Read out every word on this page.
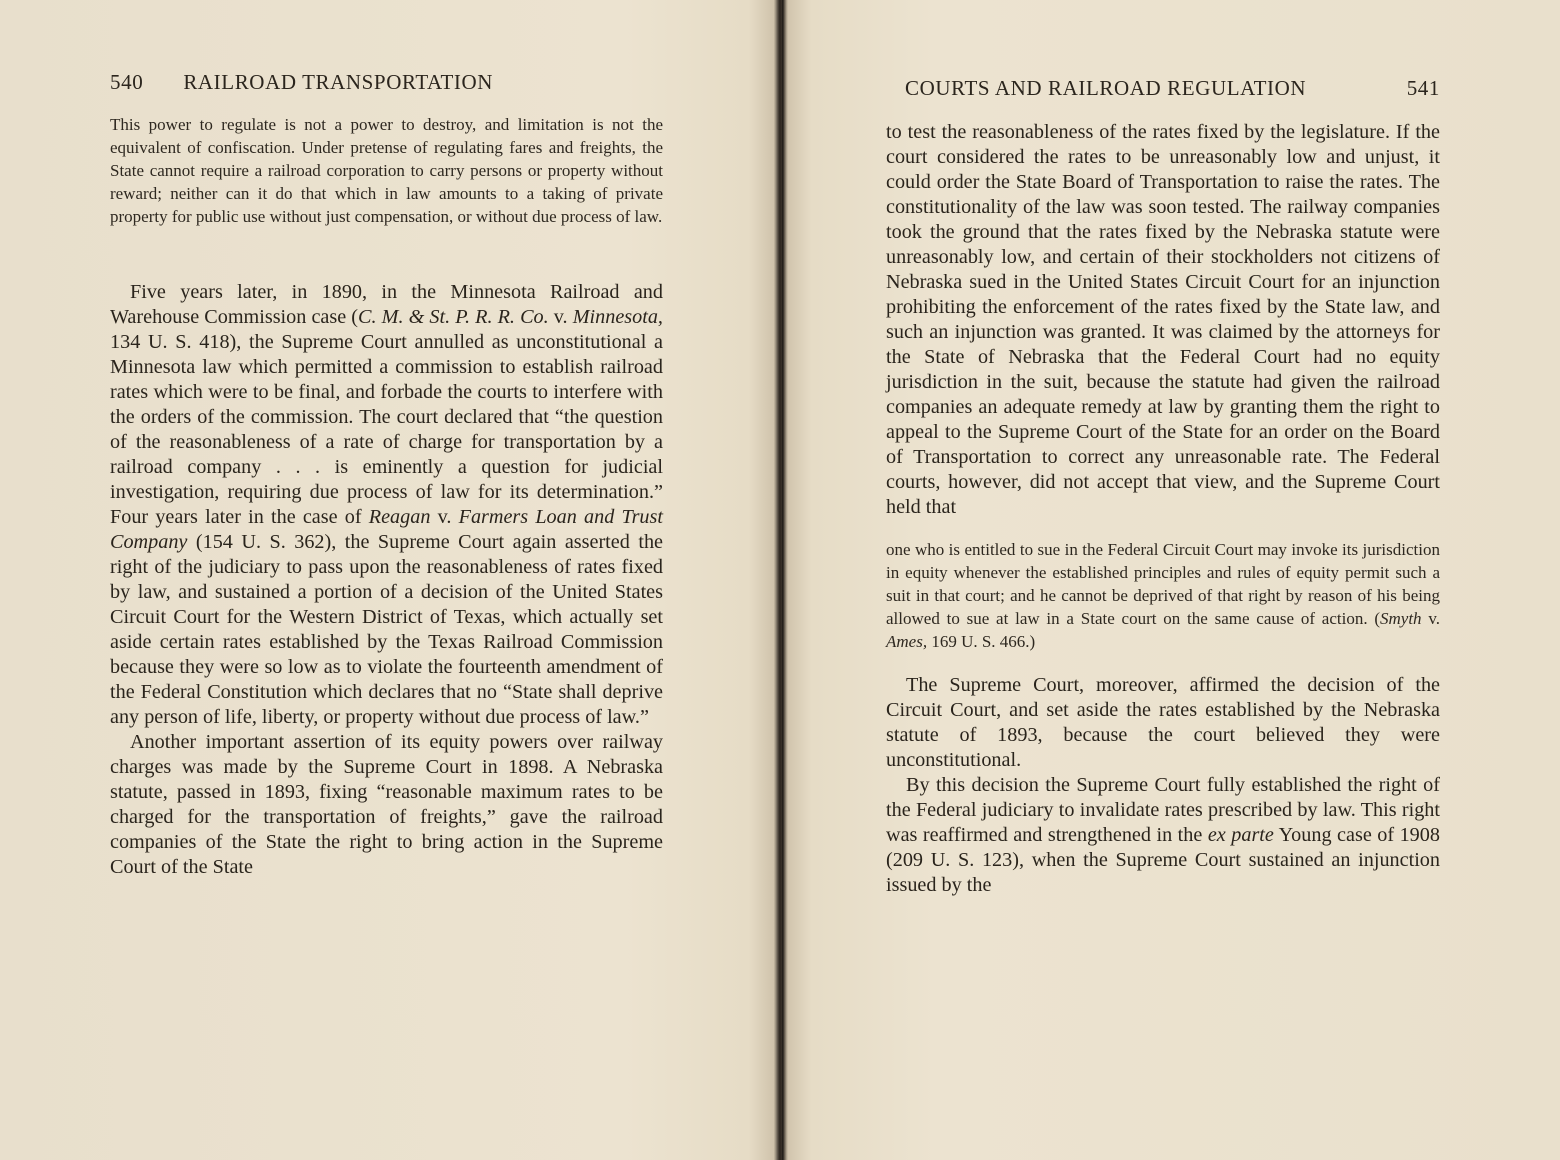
540 RAILROAD TRANSPORTATION
This power to regulate is not a power to destroy, and limitation is not the equivalent of confiscation. Under pretense of regulating fares and freights, the State cannot require a railroad corporation to carry persons or property without reward; neither can it do that which in law amounts to a taking of private property for public use without just compensation, or without due process of law.

Five years later, in 1890, in the Minnesota Railroad and Warehouse Commission case (C. M. & St. P. R. R. Co. v. Minnesota, 134 U. S. 418), the Supreme Court annulled as unconstitutional a Minnesota law which permitted a commission to establish railroad rates which were to be final, and forbade the courts to interfere with the orders of the commission. The court declared that “the question of the reasonableness of a rate of charge for transportation by a railroad company . . . is eminently a question for judicial investigation, requiring due process of law for its determination.” Four years later in the case of Reagan v. Farmers Loan and Trust Company (154 U. S. 362), the Supreme Court again asserted the right of the judiciary to pass upon the reasonableness of rates fixed by law, and sustained a portion of a decision of the United States Circuit Court for the Western District of Texas, which actually set aside certain rates established by the Texas Railroad Commission because they were so low as to violate the fourteenth amendment of the Federal Constitution which declares that no “State shall deprive any person of life, liberty, or property without due process of law.”

Another important assertion of its equity powers over railway charges was made by the Supreme Court in 1898. A Nebraska statute, passed in 1893, fixing “reasonable maximum rates to be charged for the transportation of freights,” gave the railroad companies of the State the right to bring action in the Supreme Court of the State

COURTS AND RAILROAD REGULATION	541

to test the reasonableness of the rates fixed by the legislature. If the court considered the rates to be unreasonably low and unjust, it could order the State Board of Transportation to raise the rates. The constitutionality of the law was soon tested. The railway companies took the ground that the rates fixed by the Nebraska statute were unreasonably low, and certain of their stockholders not citizens of Nebraska sued in the United States Circuit Court for an injunction prohibiting the enforcement of the rates fixed by the State law, and such an injunction was granted. It was claimed by the attorneys for the State of Nebraska that the Federal Court had no equity jurisdiction in the suit, because the statute had given the railroad companies an adequate remedy at law by granting them the right to appeal to the Supreme Court of the State for an order on the Board of Transportation to correct any unreasonable rate. The Federal courts, however, did not accept that view, and the Supreme Court held that

one who is entitled to sue in the Federal Circuit Court may invoke its jurisdiction in equity whenever the established principles and rules of equity permit such a suit in that court; and he cannot be deprived of that right by reason of his being allowed to sue at law in a State court on the same cause of action. (Smyth v. Ames, 169 U. S. 466.)

The Supreme Court, moreover, affirmed the decision of the Circuit Court, and set aside the rates established by the Nebraska statute of 1893, because the court believed they were unconstitutional.

By this decision the Supreme Court fully established the right of the Federal judiciary to invalidate rates prescribed by law. This right was reaffirmed and strengthened in the ex parte Young case of 1908 (209 U. S. 123), when the Supreme Court sustained an injunction issued by the
